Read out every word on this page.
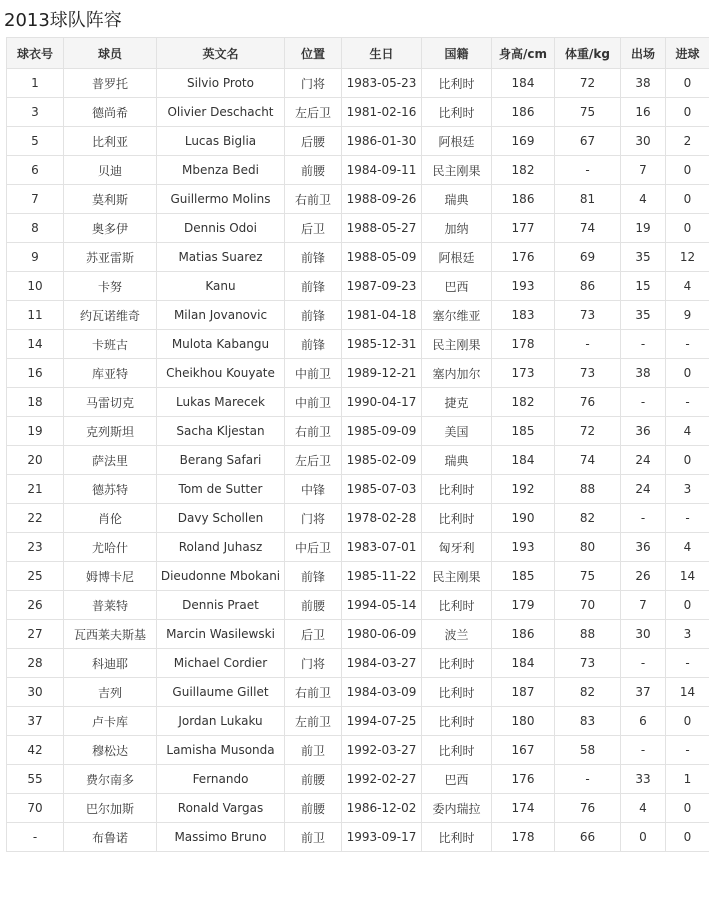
2013球队阵容
球衣号	球员	英文名	位置	生日	国籍	身高/cm	体重/kg	出场	进球
1	普罗托	Silvio Proto	门将	1983-05-23	比利时	184	72	38	0
3	德尚希	Olivier Deschacht	左后卫	1981-02-16	比利时	186	75	16	0
5	比利亚	Lucas Biglia	后腰	1986-01-30	阿根廷	169	67	30	2
6	贝迪	Mbenza Bedi	前腰	1984-09-11	民主刚果	182	-	7	0
7	莫利斯	Guillermo Molins	右前卫	1988-09-26	瑞典	186	81	4	0
8	奥多伊	Dennis Odoi	后卫	1988-05-27	加纳	177	74	19	0
9	苏亚雷斯	Matias Suarez	前锋	1988-05-09	阿根廷	176	69	35	12
10	卡努	Kanu	前锋	1987-09-23	巴西	193	86	15	4
11	约瓦诺维奇	Milan Jovanovic	前锋	1981-04-18	塞尔维亚	183	73	35	9
14	卡班古	Mulota Kabangu	前锋	1985-12-31	民主刚果	178	-	-	-
16	库亚特	Cheikhou Kouyate	中前卫	1989-12-21	塞内加尔	173	73	38	0
18	马雷切克	Lukas Marecek	中前卫	1990-04-17	捷克	182	76	-	-
19	克列斯坦	Sacha Kljestan	右前卫	1985-09-09	美国	185	72	36	4
20	萨法里	Berang Safari	左后卫	1985-02-09	瑞典	184	74	24	0
21	德苏特	Tom de Sutter	中锋	1985-07-03	比利时	192	88	24	3
22	肖伦	Davy Schollen	门将	1978-02-28	比利时	190	82	-	-
23	尤哈什	Roland Juhasz	中后卫	1983-07-01	匈牙利	193	80	36	4
25	姆博卡尼	Dieudonne Mbokani	前锋	1985-11-22	民主刚果	185	75	26	14
26	普莱特	Dennis Praet	前腰	1994-05-14	比利时	179	70	7	0
27	瓦西莱夫斯基	Marcin Wasilewski	后卫	1980-06-09	波兰	186	88	30	3
28	科迪耶	Michael Cordier	门将	1984-03-27	比利时	184	73	-	-
30	吉列	Guillaume Gillet	右前卫	1984-03-09	比利时	187	82	37	14
37	卢卡库	Jordan Lukaku	左前卫	1994-07-25	比利时	180	83	6	0
42	穆松达	Lamisha Musonda	前卫	1992-03-27	比利时	167	58	-	-
55	费尔南多	Fernando	前腰	1992-02-27	巴西	176	-	33	1
70	巴尔加斯	Ronald Vargas	前腰	1986-12-02	委内瑞拉	174	76	4	0
-	布鲁诺	Massimo Bruno	前卫	1993-09-17	比利时	178	66	0	0
